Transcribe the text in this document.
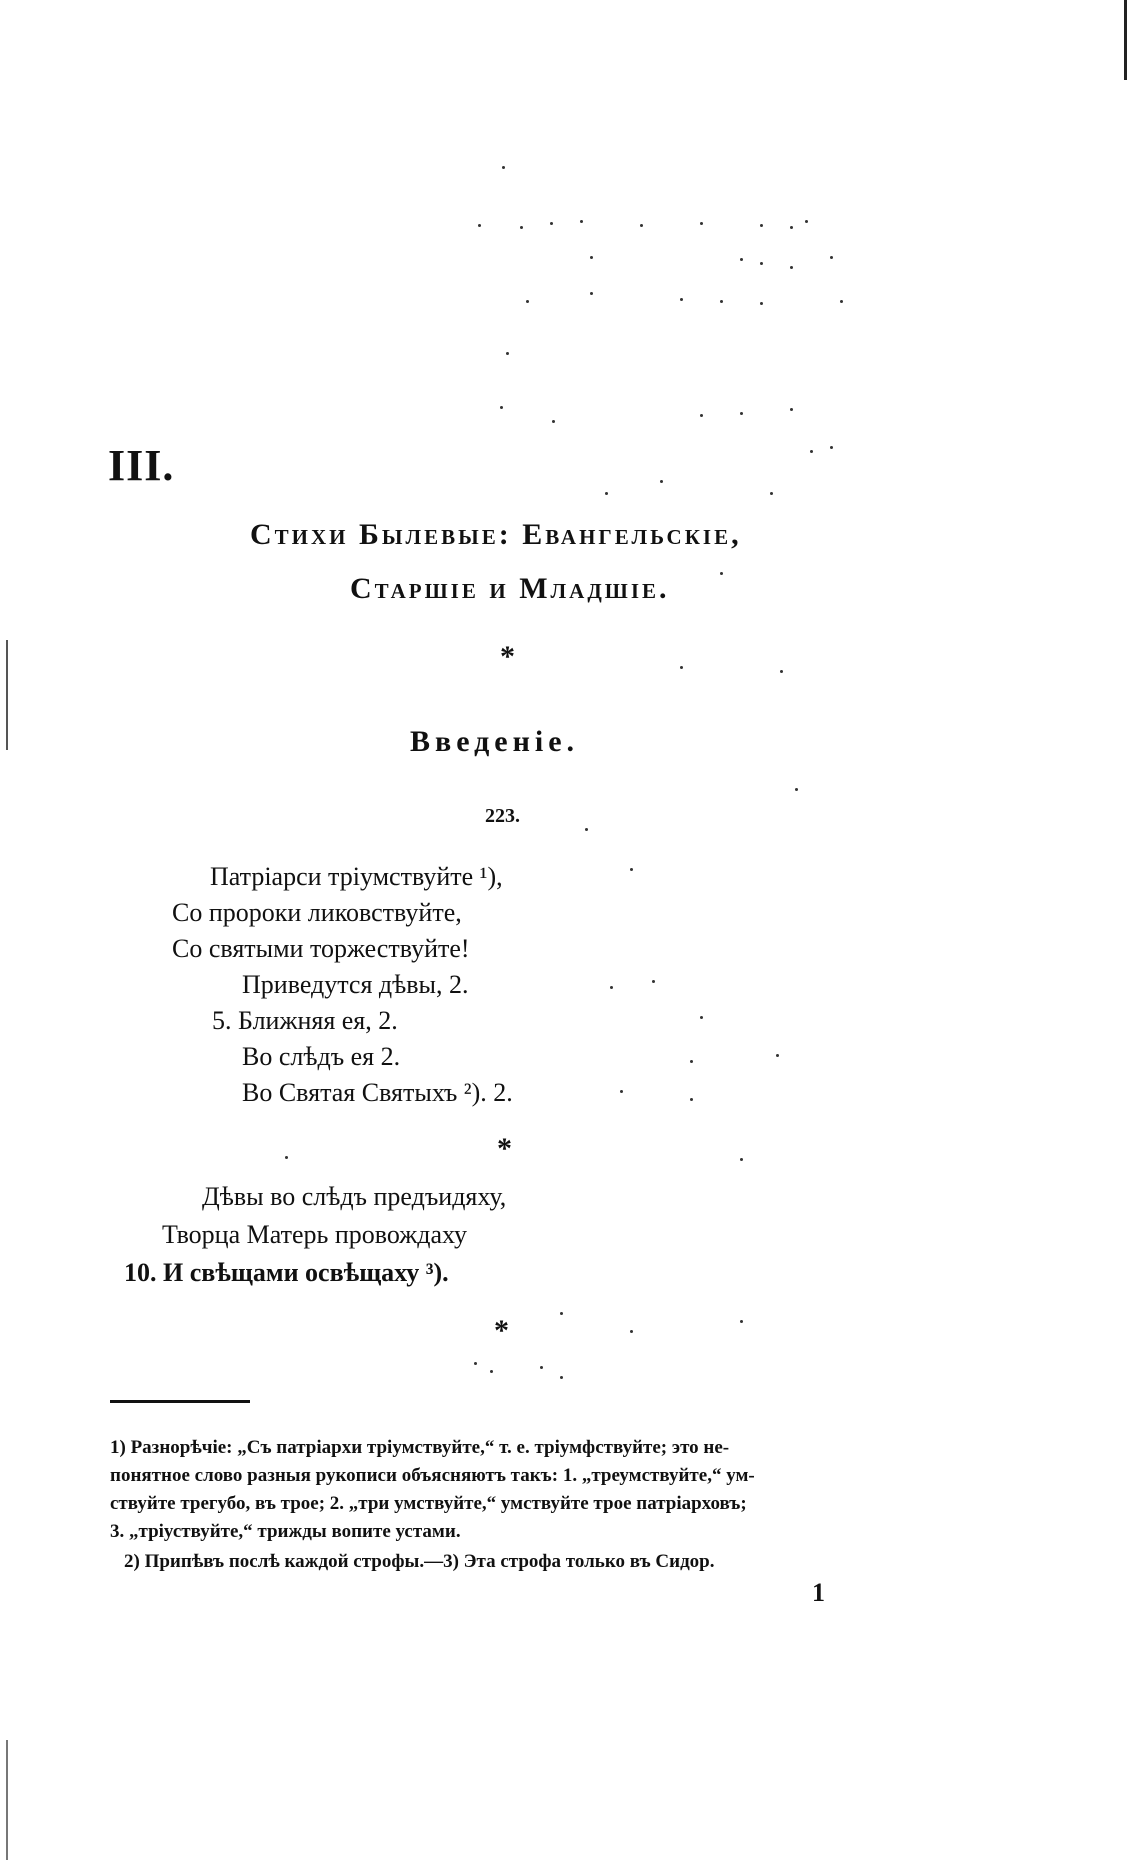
III.
Стихи Былевые: Евангельскіе,
Старшіе и Младшіе.
*
Введеніе.
223.
Патріарси тріумствуйте ¹),
Со пророки ликовствуйте,
Со святыми торжествуйте!
Приведутся дѣвы, 2.
5. Ближняя ея, 2.
Во слѣдъ ея 2.
Во Святая Святыхъ ²). 2.
*
Дѣвы во слѣдъ предъидяху,
Творца Матерь провождаху
10. И свѣщами освѣщаху ³).
*
1) Разнорѣчіе: „Съ патріархи тріумствуйте,“ т. е. тріумфствуйте; это не-
понятное слово разныя рукописи объясняютъ такъ: 1. „треумствуйте,“ ум-
ствуйте трегубо, въ трое; 2. „три умствуйте,“ умствуйте трое патріарховъ;
3. „тріуствуйте,“ трижды вопите устами.
2) Припѣвъ послѣ каждой строфы.—3) Эта строфа только въ Сидор.
1
